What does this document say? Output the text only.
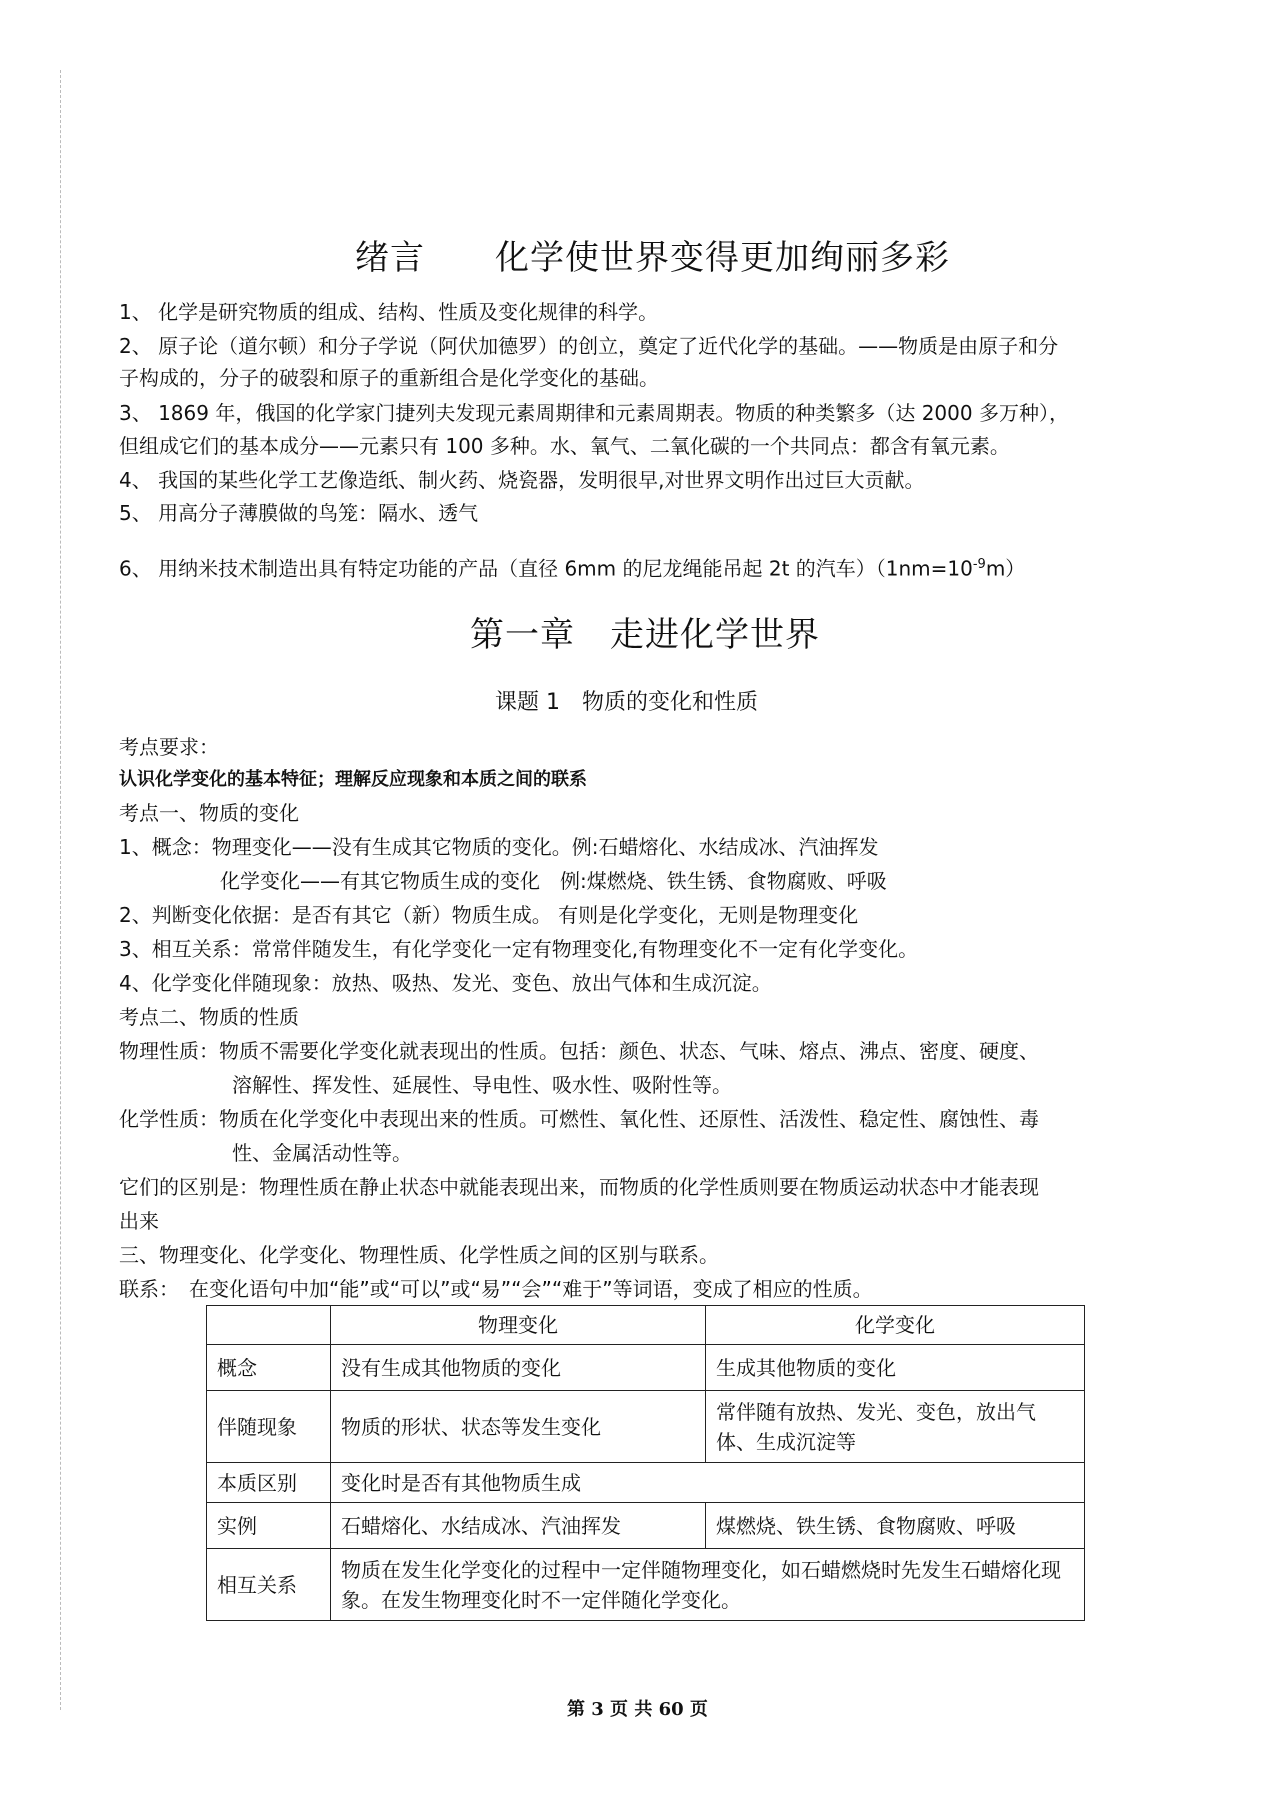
绪言　　化学使世界变得更加绚丽多彩
1、 化学是研究物质的组成、结构、性质及变化规律的科学。
2、 原子论（道尔顿）和分子学说（阿伏加德罗）的创立，奠定了近代化学的基础。——物质是由原子和分
子构成的，分子的破裂和原子的重新组合是化学变化的基础。
3、 1869 年，俄国的化学家门捷列夫发现元素周期律和元素周期表。物质的种类繁多（达 2000 多万种），
但组成它们的基本成分——元素只有 100 多种。水、氧气、二氧化碳的一个共同点：都含有氧元素。
4、 我国的某些化学工艺像造纸、制火药、烧瓷器，发明很早,对世界文明作出过巨大贡献。
5、 用高分子薄膜做的鸟笼：隔水、透气
6、 用纳米技术制造出具有特定功能的产品（直径 6mm 的尼龙绳能吊起 2t 的汽车）$(1nm=10^{-9}m)$
第一章　走进化学世界
课题 1　物质的变化和性质
考点要求：
认识化学变化的基本特征；理解反应现象和本质之间的联系
考点一、物质的变化
1、概念：物理变化——没有生成其它物质的变化。例:石蜡熔化、水结成冰、汽油挥发
化学变化——有其它物质生成的变化　例:煤燃烧、铁生锈、食物腐败、呼吸
2、判断变化依据：是否有其它（新）物质生成。 有则是化学变化，无则是物理变化
3、相互关系：常常伴随发生，有化学变化一定有物理变化,有物理变化不一定有化学变化。
4、化学变化伴随现象：放热、吸热、发光、变色、放出气体和生成沉淀。
考点二、物质的性质
物理性质：物质不需要化学变化就表现出的性质。包括：颜色、状态、气味、熔点、沸点、密度、硬度、
溶解性、挥发性、延展性、导电性、吸水性、吸附性等。
化学性质：物质在化学变化中表现出来的性质。可燃性、氧化性、还原性、活泼性、稳定性、腐蚀性、毒
性、金属活动性等。
它们的区别是：物理性质在静止状态中就能表现出来，而物质的化学性质则要在物质运动状态中才能表现
出来
三、物理变化、化学变化、物理性质、化学性质之间的区别与联系。
联系：　在变化语句中加“能”或“可以”或“易”“会”“难于”等词语，变成了相应的性质。
	物理变化	化学变化
概念	没有生成其他物质的变化	生成其他物质的变化
伴随现象	物质的形状、状态等发生变化	常伴随有放热、发光、变色，放出气体、生成沉淀等
本质区别	变化时是否有其他物质生成	
实例	石蜡熔化、水结成冰、汽油挥发	煤燃烧、铁生锈、食物腐败、呼吸
相互关系	物质在发生化学变化的过程中一定伴随物理变化，如石蜡燃烧时先发生石蜡熔化现象。在发生物理变化时不一定伴随化学变化。	
第 3 页 共 60 页
